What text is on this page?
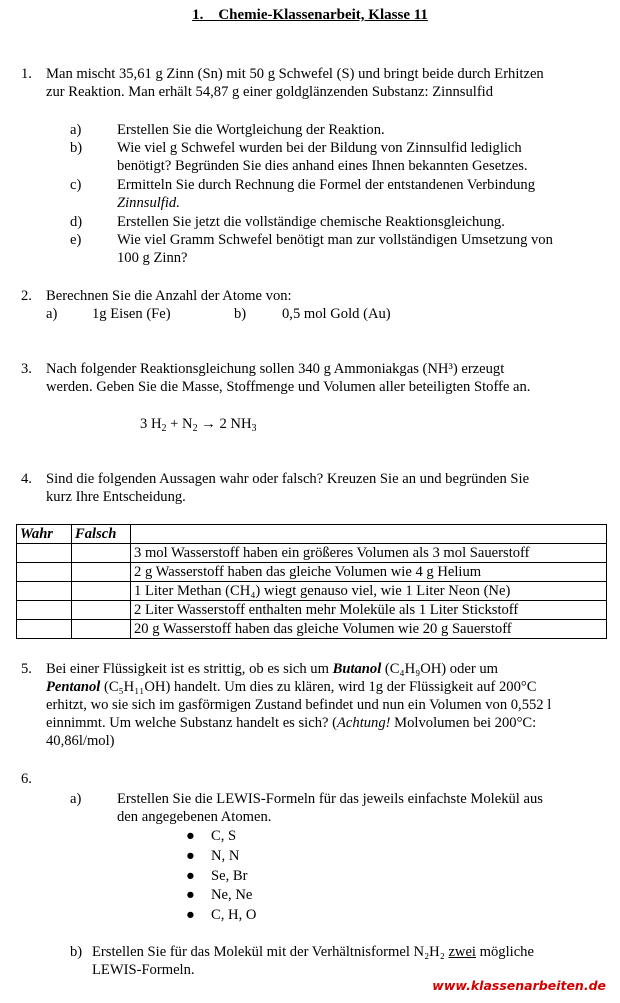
1.    Chemie-Klassenarbeit, Klasse 11
1. Man mischt 35,61 g Zinn (Sn) mit 50 g Schwefel (S) und bringt beide durch Erhitzen
zur Reaktion. Man erhält 54,87 g einer goldglänzenden Substanz: Zinnsulfid
a) Erstellen Sie die Wortgleichung der Reaktion.
b) Wie viel g Schwefel wurden bei der Bildung von Zinnsulfid lediglich
benötigt? Begründen Sie dies anhand eines Ihnen bekannten Gesetzes.
c) Ermitteln Sie durch Rechnung die Formel der entstandenen Verbindung
Zinnsulfid.
d) Erstellen Sie jetzt die vollständige chemische Reaktionsgleichung.
e) Wie viel Gramm Schwefel benötigt man zur vollständigen Umsetzung von
100 g Zinn?
2. Berechnen Sie die Anzahl der Atome von:
a) 1g Eisen (Fe)	b) 0,5 mol Gold (Au)
3. Nach folgender Reaktionsgleichung sollen 340 g Ammoniakgas (NH³) erzeugt
werden. Geben Sie die Masse, Stoffmenge und Volumen aller beteiligten Stoffe an.
3 $H_2 + N_2 \to 2$ $NH_3$
4. Sind die folgenden Aussagen wahr oder falsch? Kreuzen Sie an und begründen Sie
kurz Ihre Entscheidung.
Wahr	Falsch	
		3 mol Wasserstoff haben ein größeres Volumen als 3 mol Sauerstoff
		2 g Wasserstoff haben das gleiche Volumen wie 4 g Helium
		1 Liter Methan (CH₄) wiegt genauso viel, wie 1 Liter Neon (Ne)
		2 Liter Wasserstoff enthalten mehr Moleküle als 1 Liter Stickstoff
		20 g Wasserstoff haben das gleiche Volumen wie 20 g Sauerstoff
5. Bei einer Flüssigkeit ist es strittig, ob es sich um Butanol (C₄H₉OH) oder um
Pentanol (C₅H₁₁OH) handelt. Um dies zu klären, wird 1g der Flüssigkeit auf 200°C
erhitzt, wo sie sich im gasförmigen Zustand befindet und nun ein Volumen von 0,552 l
einnimmt. Um welche Substanz handelt es sich? (Achtung! Molvolumen bei 200°C:
40,86l/mol)
6.
a) Erstellen Sie die LEWIS-Formeln für das jeweils einfachste Molekül aus
den angegebenen Atomen.
● C, S
● N, N
● Se, Br
● Ne, Ne
● C, H, O
b) Erstellen Sie für das Molekül mit der Verhältnisformel N₂H₂ zwei mögliche
LEWIS-Formeln.
www.klassenarbeiten.de
